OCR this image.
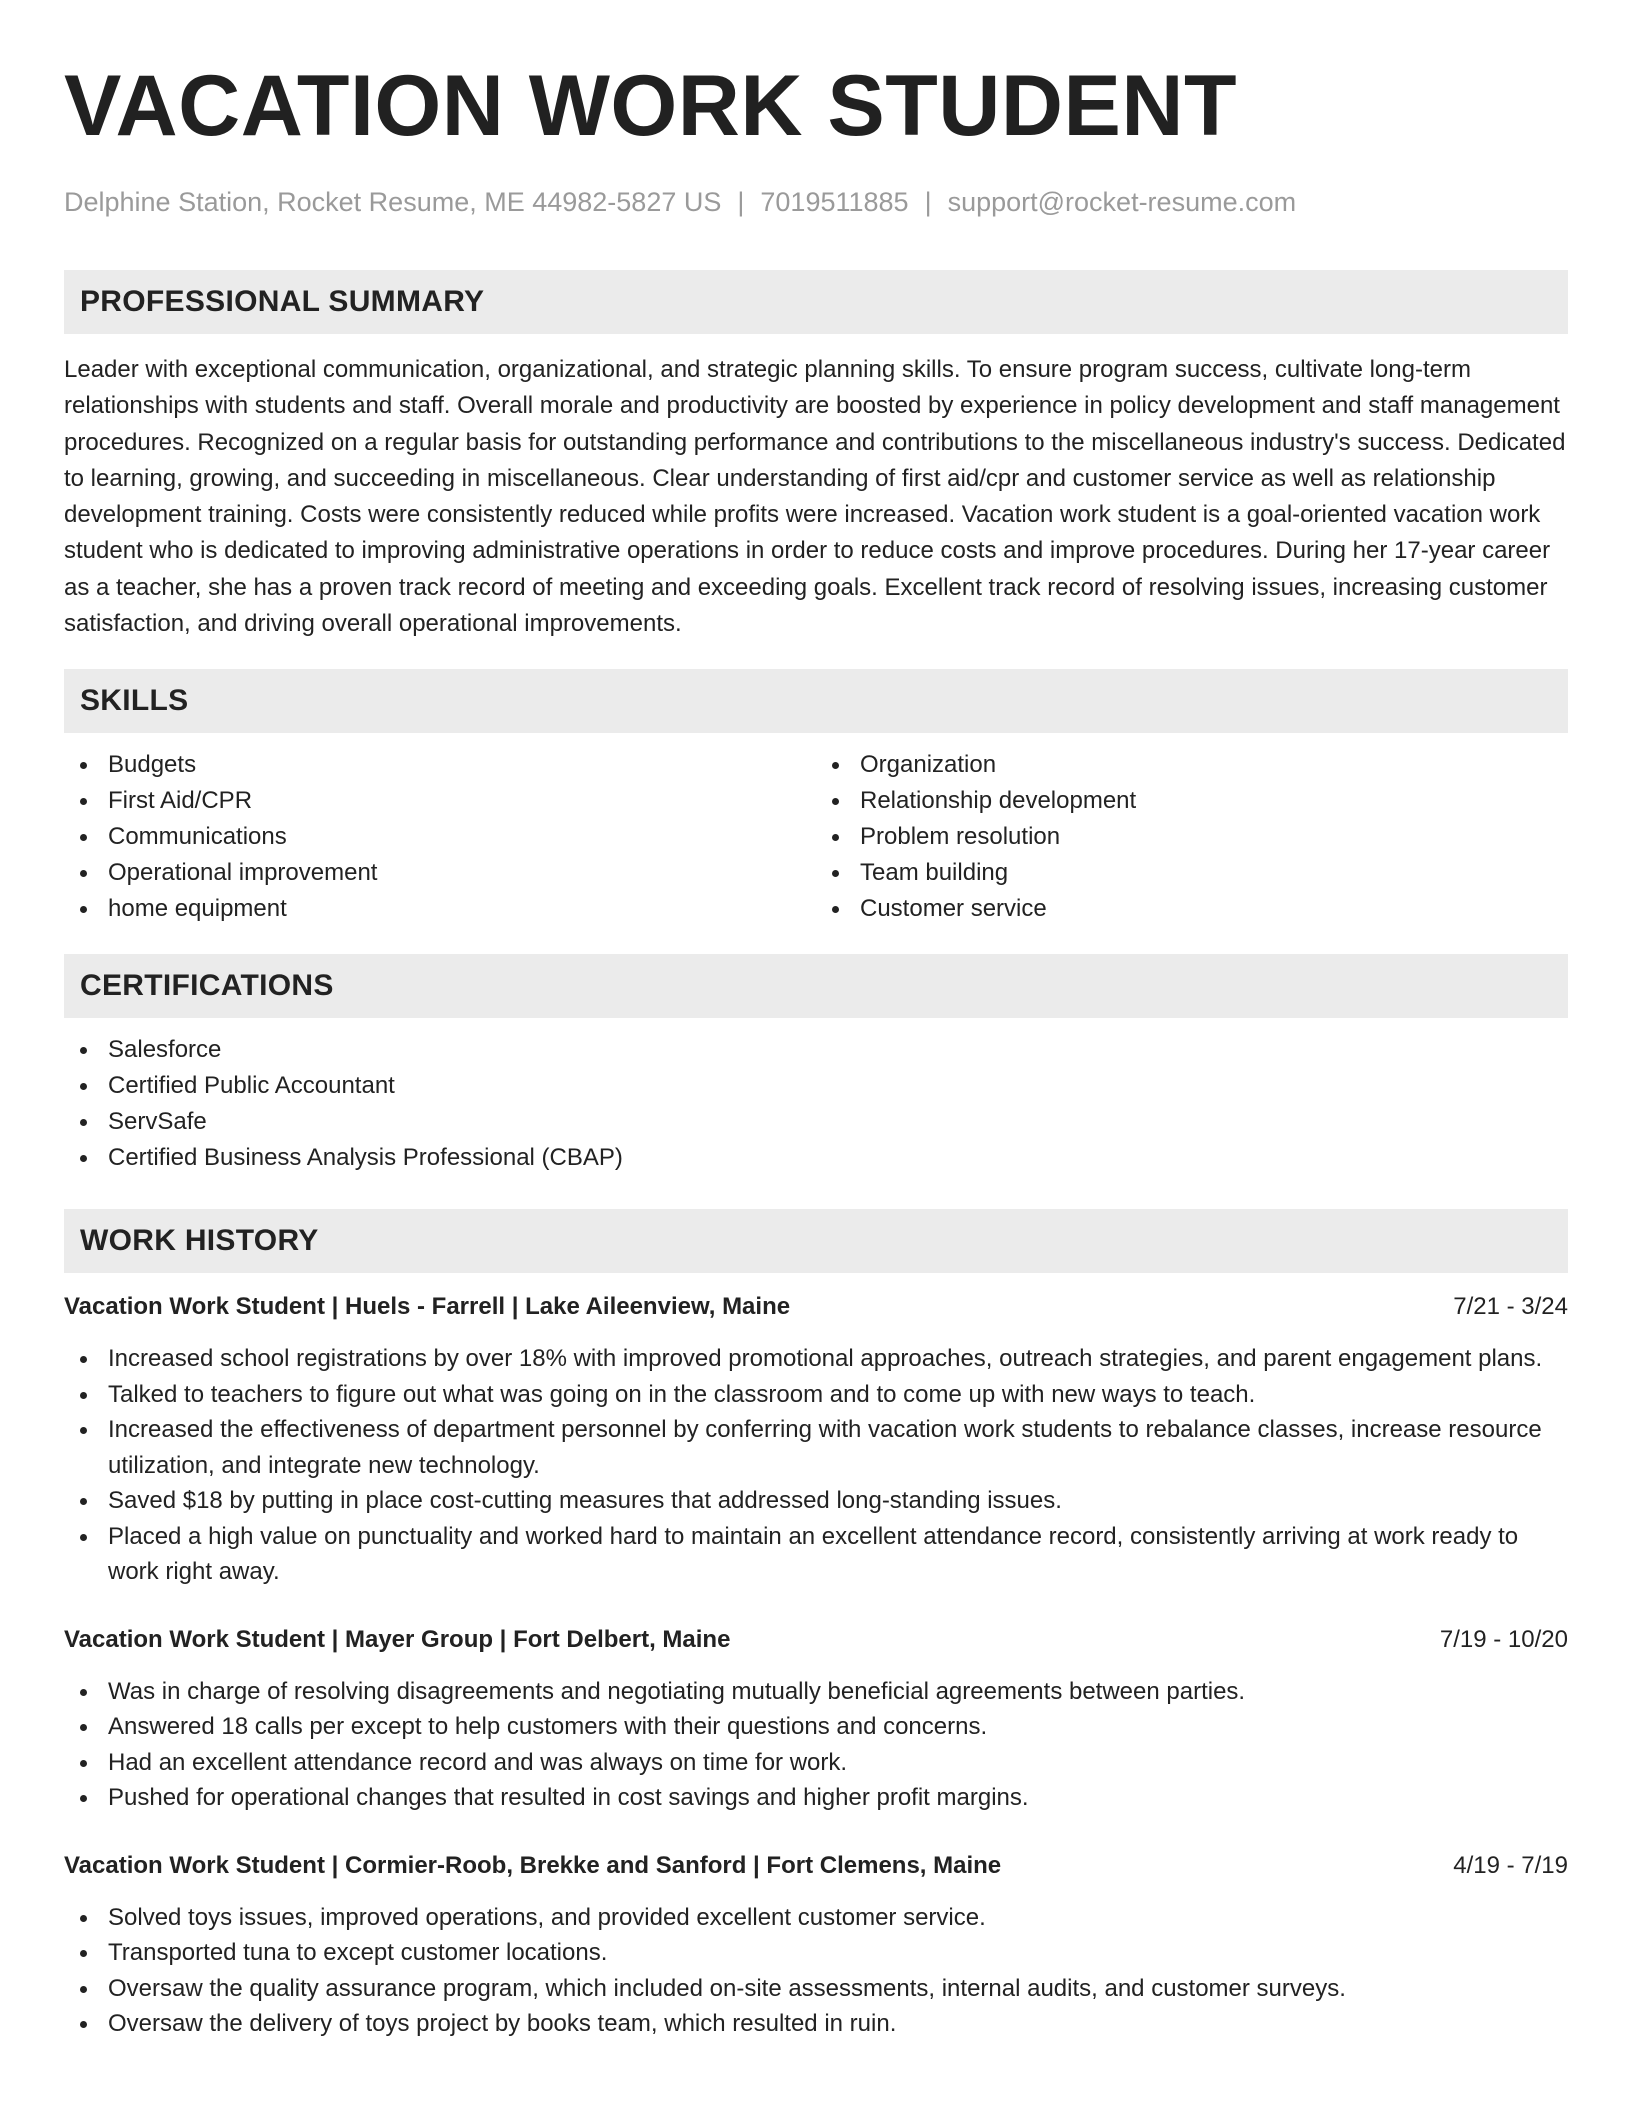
VACATION WORK STUDENT
Delphine Station, Rocket Resume, ME 44982-5827 US | 7019511885 | support@rocket-resume.com
PROFESSIONAL SUMMARY

Leader with exceptional communication, organizational, and strategic planning skills. To ensure program success, cultivate long-term relationships with students and staff. Overall morale and productivity are boosted by experience in policy development and staff management procedures. Recognized on a regular basis for outstanding performance and contributions to the miscellaneous industry's success. Dedicated to learning, growing, and succeeding in miscellaneous. Clear understanding of first aid/cpr and customer service as well as relationship development training. Costs were consistently reduced while profits were increased. Vacation work student is a goal-oriented vacation work student who is dedicated to improving administrative operations in order to reduce costs and improve procedures. During her 17-year career as a teacher, she has a proven track record of meeting and exceeding goals. Excellent track record of resolving issues, increasing customer satisfaction, and driving overall operational improvements.

SKILLS
Budgets
First Aid/CPR
Communications
Operational improvement
home equipment
Organization
Relationship development
Problem resolution
Team building
Customer service
CERTIFICATIONS
Salesforce
Certified Public Accountant
ServSafe
Certified Business Analysis Professional (CBAP)
WORK HISTORY
Vacation Work Student | Huels - Farrell | Lake Aileenview, Maine	7/21 - 3/24
Increased school registrations by over 18% with improved promotional approaches, outreach strategies, and parent engagement plans.
Talked to teachers to figure out what was going on in the classroom and to come up with new ways to teach.
Increased the effectiveness of department personnel by conferring with vacation work students to rebalance classes, increase resource utilization, and integrate new technology.
Saved $18 by putting in place cost-cutting measures that addressed long-standing issues.
Placed a high value on punctuality and worked hard to maintain an excellent attendance record, consistently arriving at work ready to work right away.
Vacation Work Student | Mayer Group | Fort Delbert, Maine	7/19 - 10/20
Was in charge of resolving disagreements and negotiating mutually beneficial agreements between parties.
Answered 18 calls per except to help customers with their questions and concerns.
Had an excellent attendance record and was always on time for work.
Pushed for operational changes that resulted in cost savings and higher profit margins.
Vacation Work Student | Cormier-Roob, Brekke and Sanford | Fort Clemens, Maine	4/19 - 7/19
Solved toys issues, improved operations, and provided excellent customer service.
Transported tuna to except customer locations.
Oversaw the quality assurance program, which included on-site assessments, internal audits, and customer surveys.
Oversaw the delivery of toys project by books team, which resulted in ruin.
